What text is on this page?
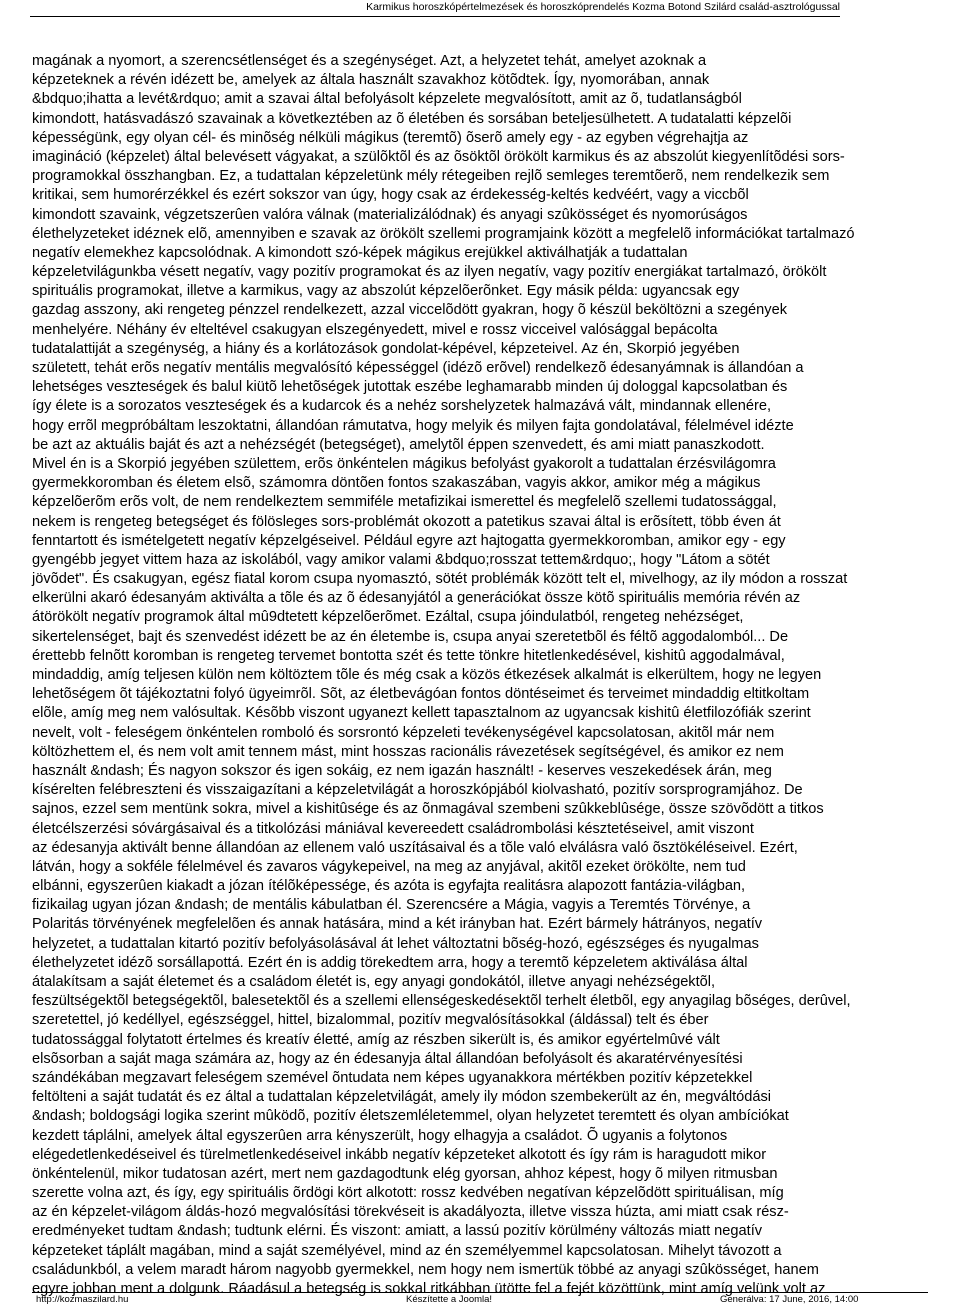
Karmikus horoszkópértelmezések és horoszkóprendelés Kozma Botond Szilárd család-asztrológussal
magának a nyomort, a szerencsétlenséget és a szegénységet. Azt, a helyzetet tehát, amelyet azoknak a
képzeteknek a révén idézett be, amelyek az általa használt szavakhoz kötõdtek. Így, nyomorában, annak
&bdquo;ihatta a levét&rdquo; amit a szavai által befolyásolt képzelete megvalósított, amit az õ, tudatlanságból
kimondott, hatásvadászó szavainak a következtében az õ életében és sorsában beteljesülhetett. A tudatalatti képzelõi
képességünk, egy olyan cél- és minõség nélküli mágikus (teremtõ) õserõ amely egy - az egyben végrehajtja az
imagináció (képzelet) által belevésett vágyakat, a szülõktõl és az õsöktõl örökölt karmikus és az abszolút kiegyenlítõdési sors-
programokkal összhangban. Ez, a tudattalan képzeletünk mély rétegeiben rejlõ semleges teremtõerõ, nem rendelkezik sem
kritikai, sem humorérzékkel és ezért sokszor van úgy, hogy csak az érdekesség-keltés kedvéért, vagy a viccbõl
kimondott szavaink, végzetszerûen valóra válnak (materializálódnak) és anyagi szûkösséget és nyomorúságos
élethelyzeteket idéznek elõ, amennyiben e szavak az örökölt szellemi programjaink között a megfelelõ információkat tartalmazó
negatív elemekhez kapcsolódnak. A kimondott szó-képek mágikus erejükkel aktiválhatják a tudattalan
képzeletvilágunkba vésett negatív, vagy pozitív programokat és az ilyen negatív, vagy pozitív energiákat tartalmazó, örökölt
spirituális programokat, illetve a karmikus, vagy az abszolút képzelõerõnket. Egy másik példa: ugyancsak egy
gazdag asszony, aki rengeteg pénzzel rendelkezett, azzal viccelõdött gyakran, hogy õ készül beköltözni a szegények
menhelyére. Néhány év elteltével csakugyan elszegényedett, mivel e rossz vicceivel valósággal bepácolta
tudatalattiját a szegénység, a hiány és a korlátozások gondolat-képével, képzeteivel. Az én, Skorpió jegyében
született, tehát erõs negatív mentális megvalósító képességgel (idézõ erõvel) rendelkezõ édesanyámnak is állandóan a
lehetséges veszteségek és balul kiütõ lehetõségek jutottak eszébe leghamarabb minden új dologgal kapcsolatban és
így élete is a sorozatos veszteségek és a kudarcok és a nehéz sorshelyzetek halmazává vált, mindannak ellenére,
hogy errõl megpróbáltam leszoktatni, állandóan rámutatva, hogy melyik és milyen fajta gondolatával, félelmével idézte
be azt az aktuális baját és azt a nehézségét (betegséget), amelytõl éppen szenvedett, és ami miatt panaszkodott.
Mivel én is a Skorpió jegyében születtem, erõs önkéntelen mágikus befolyást gyakorolt a tudattalan érzésvilágomra
gyermekkoromban és életem elsõ, számomra döntõen fontos szakaszában, vagyis akkor, amikor még a mágikus
képzelõerõm erõs volt, de nem rendelkeztem semmiféle metafizikai ismerettel és megfelelõ szellemi tudatossággal,
nekem is rengeteg betegséget és fölösleges sors-problémát okozott a patetikus szavai által is erõsített, több éven át
fenntartott és ismételgetett negatív képzelgéseivel. Például egyre azt hajtogatta gyermekkoromban, amikor egy - egy
gyengébb jegyet vittem haza az iskolából, vagy amikor valami &bdquo;rosszat tettem&rdquo;, hogy "Látom a sötét
jövõdet". És csakugyan, egész fiatal korom csupa nyomasztó, sötét problémák között telt el, mivelhogy, az ily módon a rosszat
elkerülni akaró édesanyám aktiválta a tõle és az õ édesanyjától a generációkat össze kötõ spirituális memória révén az
átörökölt negatív programok által mû9dtetett képzelõerõmet. Ezáltal, csupa jóindulatból, rengeteg nehézséget,
sikertelenséget, bajt és szenvedést idézett be az én életembe is, csupa anyai szeretetbõl és féltõ aggodalomból... De
érettebb felnõtt koromban is rengeteg tervemet bontotta szét és tette tönkre hitetlenkedésével, kishitû aggodalmával,
mindaddig, amíg teljesen külön nem költöztem tõle és még csak a közös étkezések alkalmát is elkerültem, hogy ne legyen
lehetõségem õt tájékoztatni folyó ügyeimrõl. Sõt, az életbevágóan fontos döntéseimet és terveimet mindaddig eltitkoltam
elõle, amíg meg nem valósultak. Késõbb viszont ugyanezt kellett tapasztalnom az ugyancsak kishitû életfilozófiák szerint
nevelt, volt - feleségem önkéntelen romboló és sorsrontó képzeleti tevékenységével kapcsolatosan, akitõl már nem
költözhettem el, és nem volt amit tennem mást, mint hosszas racionális rávezetések segítségével, és amikor ez nem
használt &ndash; És nagyon sokszor és igen sokáig, ez nem igazán használt! - keserves veszekedések árán, meg
kísérelten felébreszteni és visszaigazítani a képzeletvilágát a horoszkópjából kiolvasható, pozitív sorsprogramjához. De
sajnos, ezzel sem mentünk sokra, mivel a kishitûsége és az õnmagával szembeni szûkkeblûsége, össze szövõdött a titkos
életcélszerzési sóvárgásaival és a titkolózási mániával kevereedett családrombolási késztetéseivel, amit viszont
az édesanyja aktivált benne állandóan az ellenem való uszításaival és a tõle való elválásra való õsztökéléseivel. Ezért,
látván, hogy a sokféle félelmével és zavaros vágykepeivel, na meg az anyjával, akitõl ezeket örökölte, nem tud
elbánni, egyszerûen kiakadt a józan ítélõképessége, és azóta is egyfajta realitásra alapozott fantázia-világban,
fizikailag ugyan józan &ndash; de mentális kábulatban él. Szerencsére a Mágia, vagyis a Teremtés Törvénye, a
Polaritás törvényének megfelelõen és annak hatására, mind a két irányban hat. Ezért bármely hátrányos, negatív
helyzetet, a tudattalan kitartó pozitív befolyásolásával át lehet változtatni bõség-hozó, egészséges és nyugalmas
élethelyzetet idézõ sorsállapottá. Ezért én is addig törekedtem arra, hogy a teremtõ képzeletem aktiválása által
átalakítsam a saját életemet és a családom életét is, egy anyagi gondokától, illetve anyagi nehézségektõl,
feszültségektõl betegségektõl, balesetektõl és a szellemi ellenségeskedésektõl terhelt életbõl, egy anyagilag bõséges, derûvel,
szeretettel, jó kedéllyel, egészséggel, hittel, bizalommal, pozitív megvalósításokkal (áldással) telt és éber
tudatossággal folytatott értelmes és kreatív életté, amíg az részben sikerült is, és amikor egyértelmûvé vált
elsõsorban a saját maga számára az, hogy az én édesanyja által állandóan befolyásolt és akaratérvényesítési
szándékában megzavart feleségem szemével õntudata nem képes ugyanakkora mértékben pozitív képzetekkel
feltölteni a saját tudatát és ez által a tudattalan képzeletvilágát, amely ily módon szembekerült az én, megváltódási
&ndash; boldogsági logika szerint mûködõ, pozitív életszemléletemmel, olyan helyzetet teremtett és olyan ambíciókat
kezdett táplálni, amelyek által egyszerûen arra kényszerült, hogy elhagyja a családot. Õ ugyanis a folytonos
elégedetlenkedéseivel és türelmetlenkedéseivel inkább negatív képzeteket alkotott és így rám is haragudott mikor
önkéntelenül, mikor tudatosan azért, mert nem gazdagodtunk elég gyorsan, ahhoz képest, hogy õ milyen ritmusban
szerette volna azt, és így, egy spirituális õrdögi kört alkotott: rossz kedvében negatívan képzelõdött spirituálisan, míg
az én képzelet-világom áldás-hozó megvalósítási törekvéseit is akadályozta, illetve vissza húzta, ami miatt csak rész-
eredményeket tudtam &ndash; tudtunk elérni. És viszont: amiatt, a lassú pozitív körülmény változás miatt negatív
képzeteket táplált magában, mind a saját személyével, mind az én személyemmel kapcsolatosan. Mihelyt távozott a
családunkból, a velem maradt három nagyobb gyermekkel, nem hogy nem ismertük többé az anyagi szûkösséget, hanem
egyre jobban ment a dolgunk. Ráadásul a betegség is sokkal ritkábban ütötte fel a fejét közöttünk, mint amíg velünk volt az
http://kozmaszilard.hu	Készítette a Joomla!	Generálva: 17 June, 2016, 14:00
